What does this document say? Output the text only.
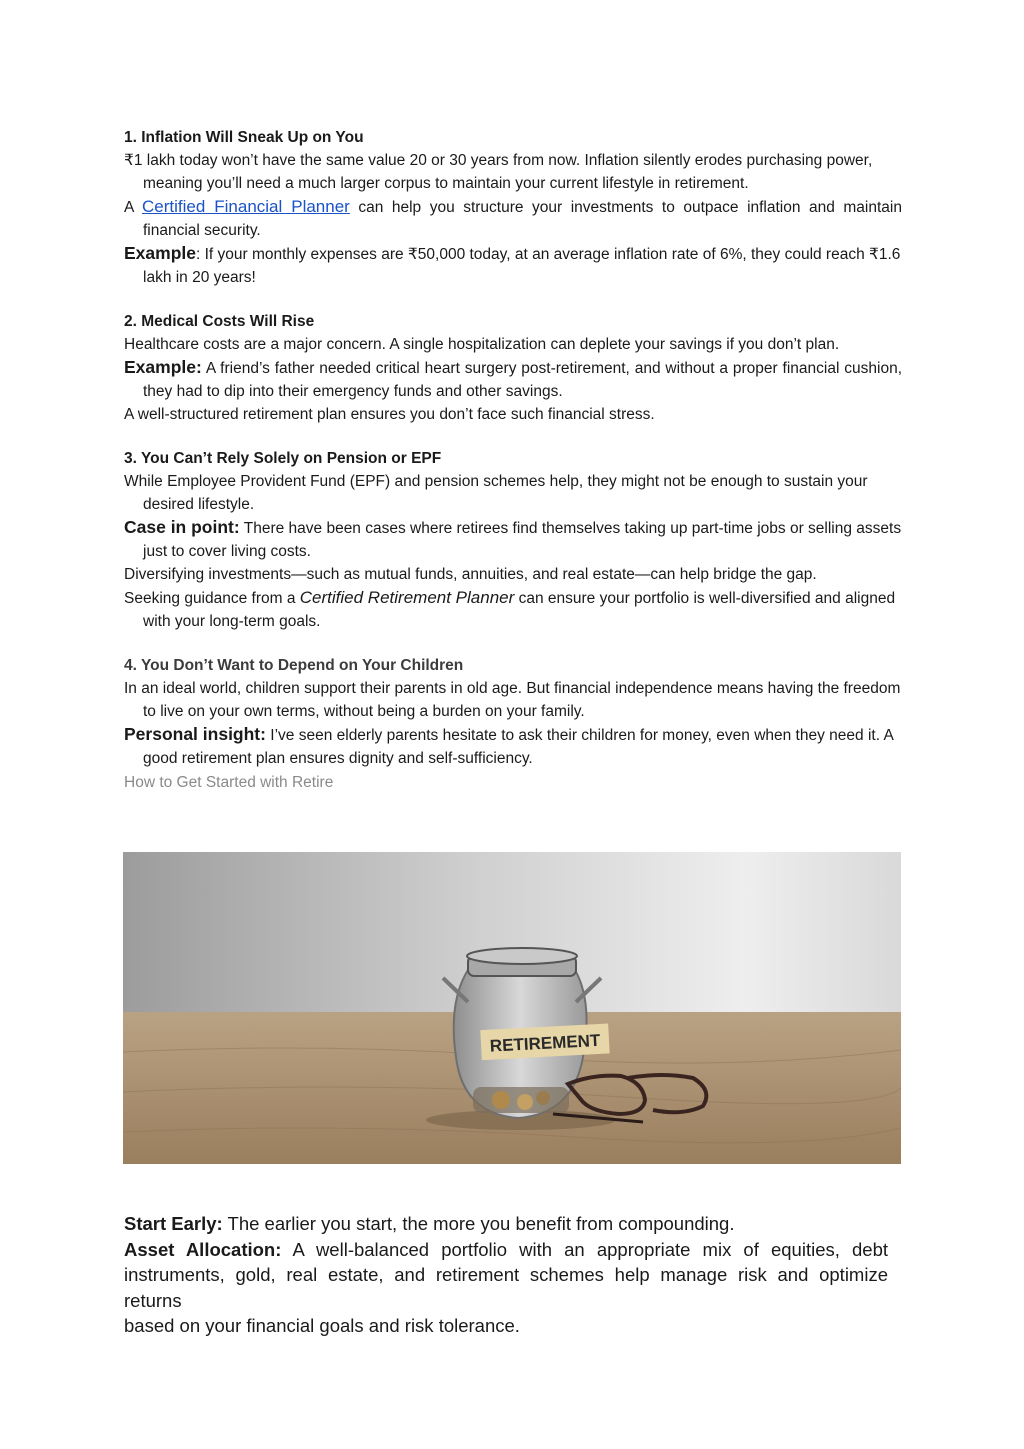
1. Inflation Will Sneak Up on You

₹1 lakh today won’t have the same value 20 or 30 years from now. Inflation silently erodes purchasing power, meaning you’ll need a much larger corpus to maintain your current lifestyle in retirement.

A Certified Financial Planner can help you structure your investments to outpace inflation and maintain financial security.

Example: If your monthly expenses are ₹50,000 today, at an average inflation rate of 6%, they could reach ₹1.6 lakh in 20 years!

2. Medical Costs Will Rise

Healthcare costs are a major concern. A single hospitalization can deplete your savings if you don’t plan.

Example: A friend’s father needed critical heart surgery post-retirement, and without a proper financial cushion, they had to dip into their emergency funds and other savings.

A well-structured retirement plan ensures you don’t face such financial stress.

3. You Can’t Rely Solely on Pension or EPF

While Employee Provident Fund (EPF) and pension schemes help, they might not be enough to sustain your desired lifestyle.

Case in point: There have been cases where retirees find themselves taking up part-time jobs or selling assets just to cover living costs.

Diversifying investments—such as mutual funds, annuities, and real estate—can help bridge the gap.

Seeking guidance from a Certified Retirement Planner can ensure your portfolio is well-diversified and aligned with your long-term goals.

4. You Don’t Want to Depend on Your Children

In an ideal world, children support their parents in old age. But financial independence means having the freedom to live on your own terms, without being a burden on your family.

Personal insight: I’ve seen elderly parents hesitate to ask their children for money, even when they need it. A good retirement plan ensures dignity and self-sufficiency.

How to Get Started with Retire
RETIREMENT

Start Early: The earlier you start, the more you benefit from compounding.

Asset Allocation: A well-balanced portfolio with an appropriate mix of equities, debt instruments, gold, real estate, and retirement schemes help manage risk and optimize returns

based on your financial goals and risk tolerance.
